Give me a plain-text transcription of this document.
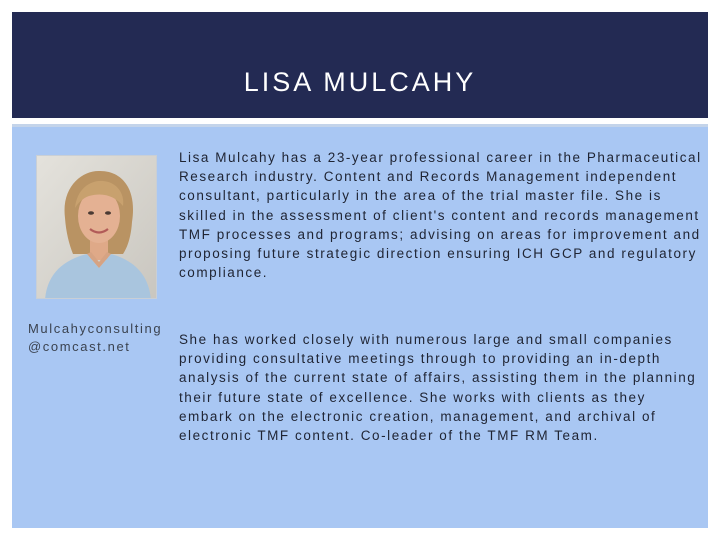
LISA MULCAHY
Mulcahyconsulting
@comcast.net
Lisa Mulcahy has a 23-year professional career in the Pharmaceutical Research industry. Content and Records Management independent consultant, particularly in the area of the trial master file. She is skilled in the assessment of client's content and records management TMF processes and programs; advising on areas for improvement and proposing future strategic direction ensuring ICH GCP and regulatory compliance.
She has worked closely with numerous large and small companies providing consultative meetings through to providing an in-depth analysis of the current state of affairs, assisting them in the planning their future state of excellence. She works with clients as they embark on the electronic creation, management, and archival of electronic TMF content. Co-leader of the TMF RM Team.
